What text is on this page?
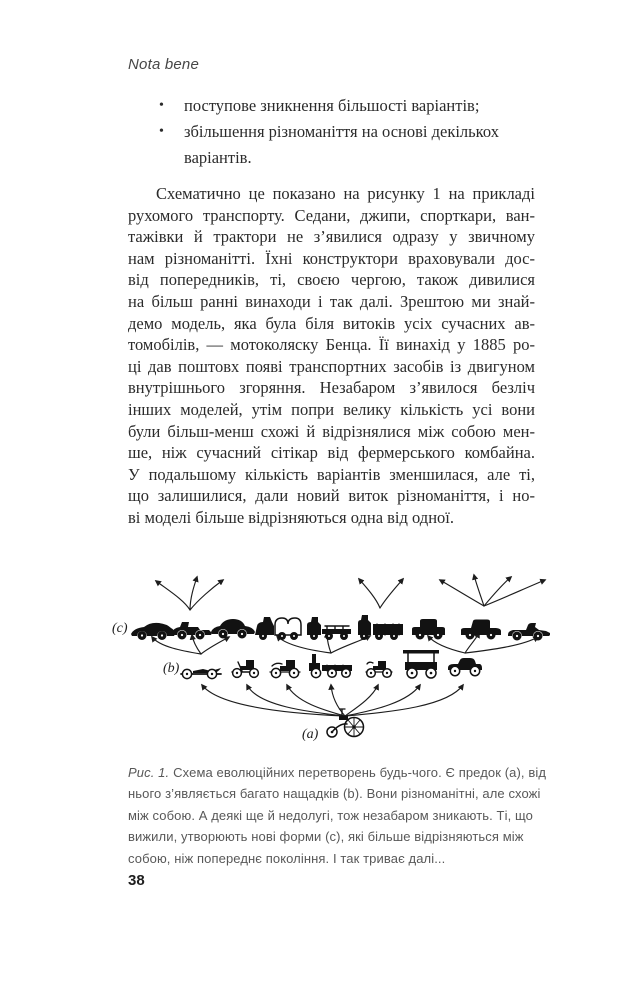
Nota bene
•	поступове зникнення більшості варіантів;
•	збільшення різноманіття на основі декількох варіантів.
Схематично це показано на рисунку 1 на прикладі
рухомого транспорту. Седани, джипи, спорткари, ван-
тажівки й трактори не з’явилися одразу у звичному
нам різноманітті. Їхні конструктори враховували дос-
від попередників, ті, своєю чергою, також дивилися
на більш ранні винаходи і так далі. Зрештою ми знай-
демо модель, яка була біля витоків усіх сучасних ав-
томобілів, — мотоколяску Бенца. Її винахід у 1885 ро-
ці дав поштовх появі транспортних засобів із двигуном
внутрішнього згоряння. Незабаром з’явилося безліч
інших моделей, утім попри велику кількість усі вони
були більш-менш схожі й відрізнялися між собою мен-
ше, ніж сучасний сітікар від фермерського комбайна.
У подальшому кількість варіантів зменшилася, але ті,
що залишилися, дали новий виток різноманіття, і но-
ві моделі більше відрізняються одна від одної.
(c)
(b)
(a)
Рис. 1. Схема еволюційних перетворень будь-чого. Є предок (а), від
нього з’являється багато нащадків (b). Вони різноманітні, але схожі
між собою. А деякі ще й недолугі, тож незабаром зникають. Ті, що
вижили, утворюють нові форми (с), які більше відрізняються між
собою, ніж попереднє покоління. І так триває далі...
38
